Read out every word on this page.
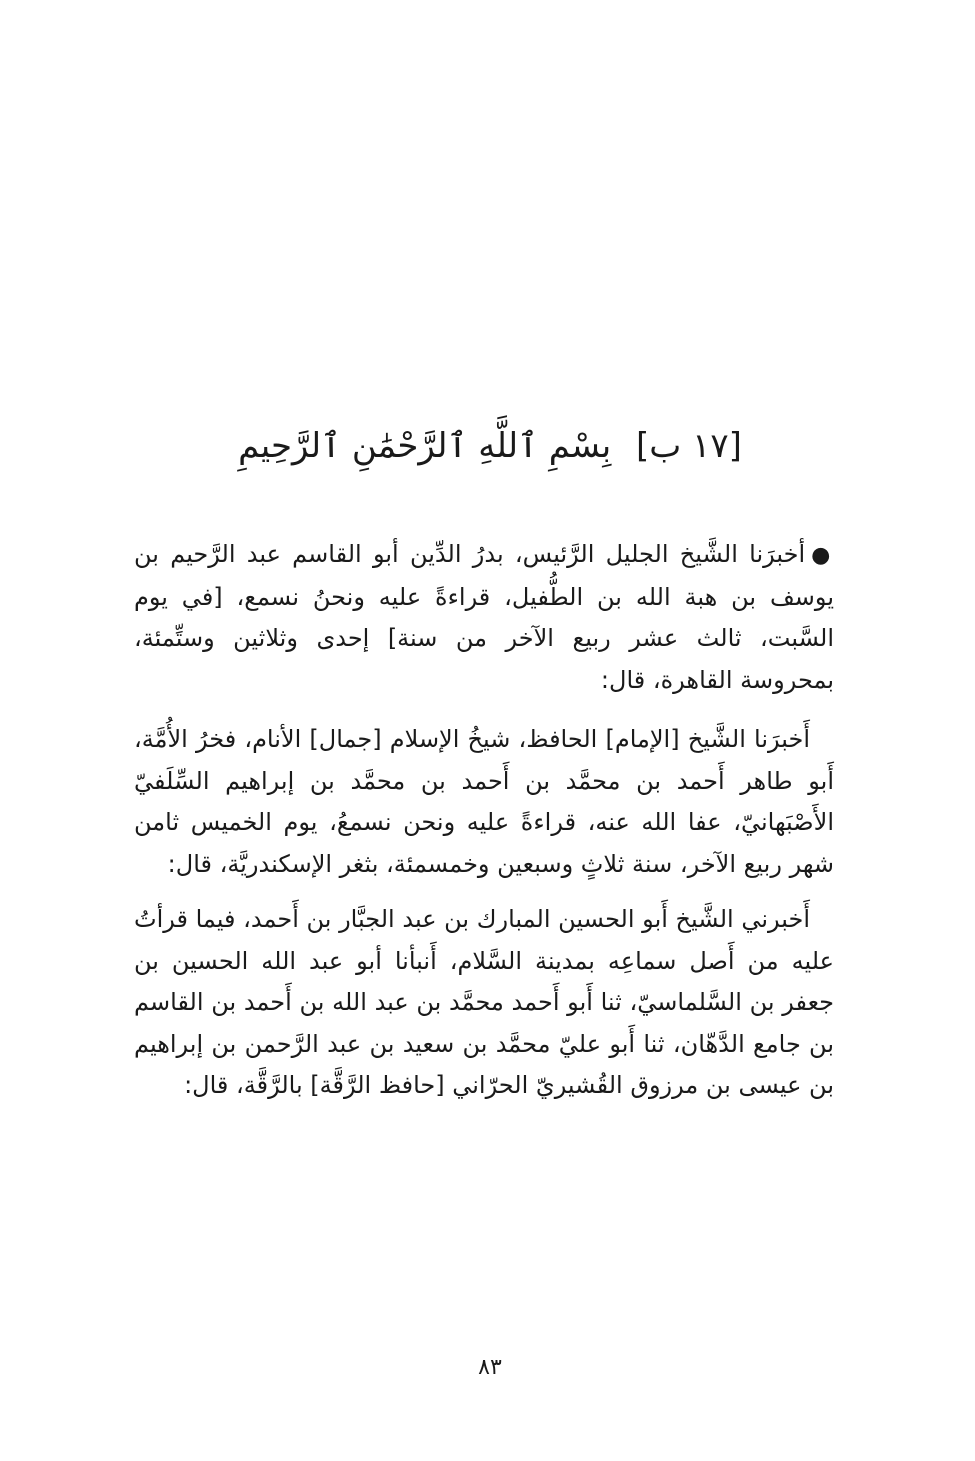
[١٧ ب] بِسْمِ ٱللَّهِ ٱلرَّحْمَٰنِ ٱلرَّحِيمِ

●أخبرَنا الشَّيخ الجليل الرَّئيس، بدرُ الدِّين أبو القاسم عبد الرَّحيم بن يوسف بن هبة الله بن الطُّفيل، قراءةً عليه ونحنُ نسمع، [في يوم السَّبت، ثالث عشر ربيع الآخر من سنة] إحدى وثلاثين وستِّمئة، بمحروسة القاهرة، قال:

أَخبرَنا الشَّيخ [الإمام] الحافظ، شيخُ الإسلام [جمال] الأنام، فخرُ الأُمَّة، أَبو طاهر أَحمد بن محمَّد بن أَحمد بن محمَّد بن إبراهيم السِّلَفيّ الأَصْبَهانيّ، عفا الله عنه، قراءةً عليه ونحن نسمعُ، يوم الخميس ثامن شهر ربيع الآخر، سنة ثلاثٍ وسبعين وخمسمئة، بثغر الإسكندريَّة، قال:

أَخبرني الشَّيخ أَبو الحسين المبارك بن عبد الجبَّار بن أَحمد، فيما قرأتُ عليه من أَصل سماعِه بمدينة السَّلام، أَنبأنا أبو عبد الله الحسين بن جعفر بن السَّلماسيّ، ثنا أَبو أَحمد محمَّد بن عبد الله بن أَحمد بن القاسم بن جامع الدَّهّان، ثنا أَبو عليّ محمَّد بن سعيد بن عبد الرَّحمن بن إبراهيم بن عيسى بن مرزوق القُشيريّ الحرّاني [حافظ الرَّقَّة] بالرَّقَّة، قال:

٨٣
